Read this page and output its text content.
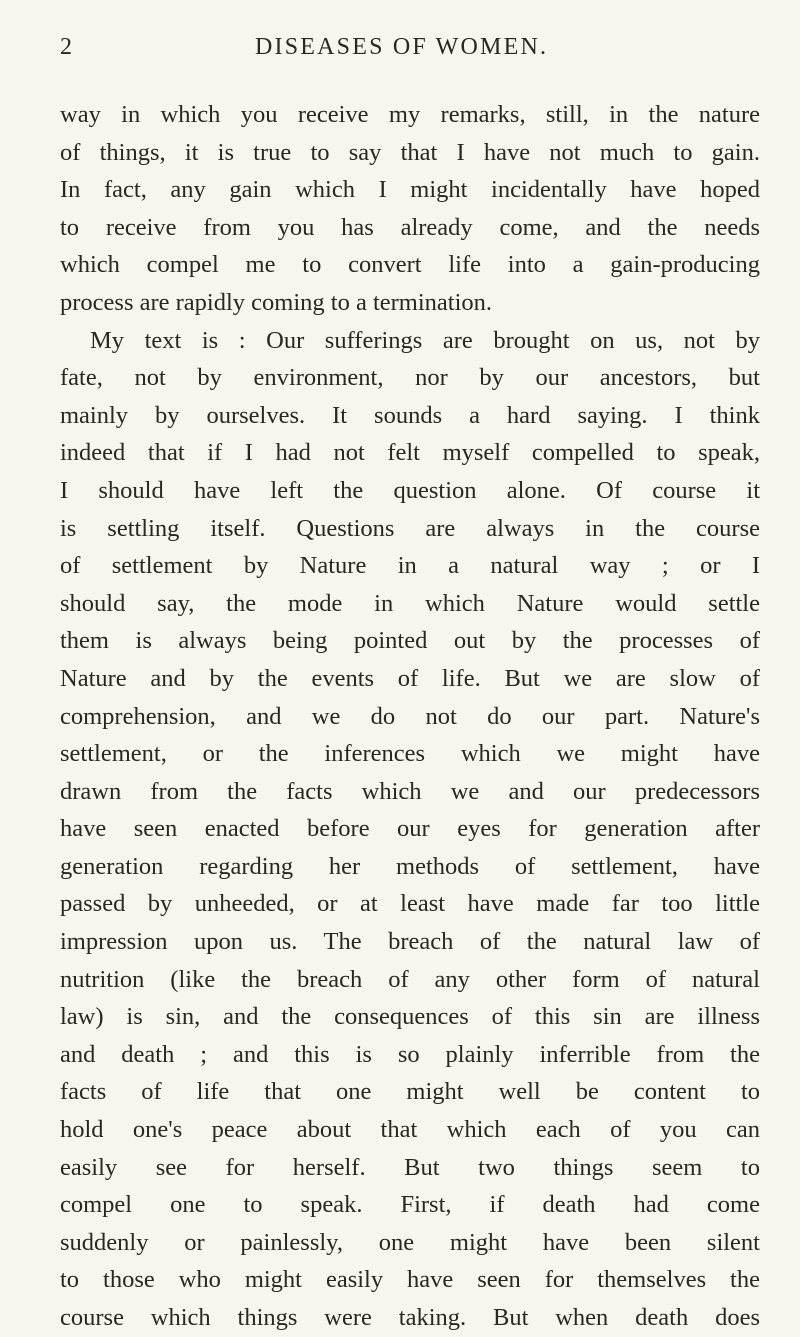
2	DISEASES OF WOMEN.
way in which you receive my remarks, still, in the nature
of things, it is true to say that I have not much to gain.
In fact, any gain which I might incidentally have hoped
to receive from you has already come, and the needs
which compel me to convert life into a gain-producing
process are rapidly coming to a termination.
My text is : Our sufferings are brought on us, not by
fate, not by environment, nor by our ancestors, but
mainly by ourselves. It sounds a hard saying. I think
indeed that if I had not felt myself compelled to speak,
I should have left the question alone. Of course it
is settling itself. Questions are always in the course
of settlement by Nature in a natural way ; or I
should say, the mode in which Nature would settle
them is always being pointed out by the processes of
Nature and by the events of life. But we are slow of
comprehension, and we do not do our part. Nature's
settlement, or the inferences which we might have
drawn from the facts which we and our predecessors
have seen enacted before our eyes for generation after
generation regarding her methods of settlement, have
passed by unheeded, or at least have made far too little
impression upon us. The breach of the natural law of
nutrition (like the breach of any other form of natural
law) is sin, and the consequences of this sin are illness
and death ; and this is so plainly inferrible from the
facts of life that one might well be content to
hold one's peace about that which each of you can
easily see for herself. But two things seem to
compel one to speak. First, if death had come
suddenly or painlessly, one might have been silent
to those who might easily have seen for themselves the
course which things were taking. But when death does
